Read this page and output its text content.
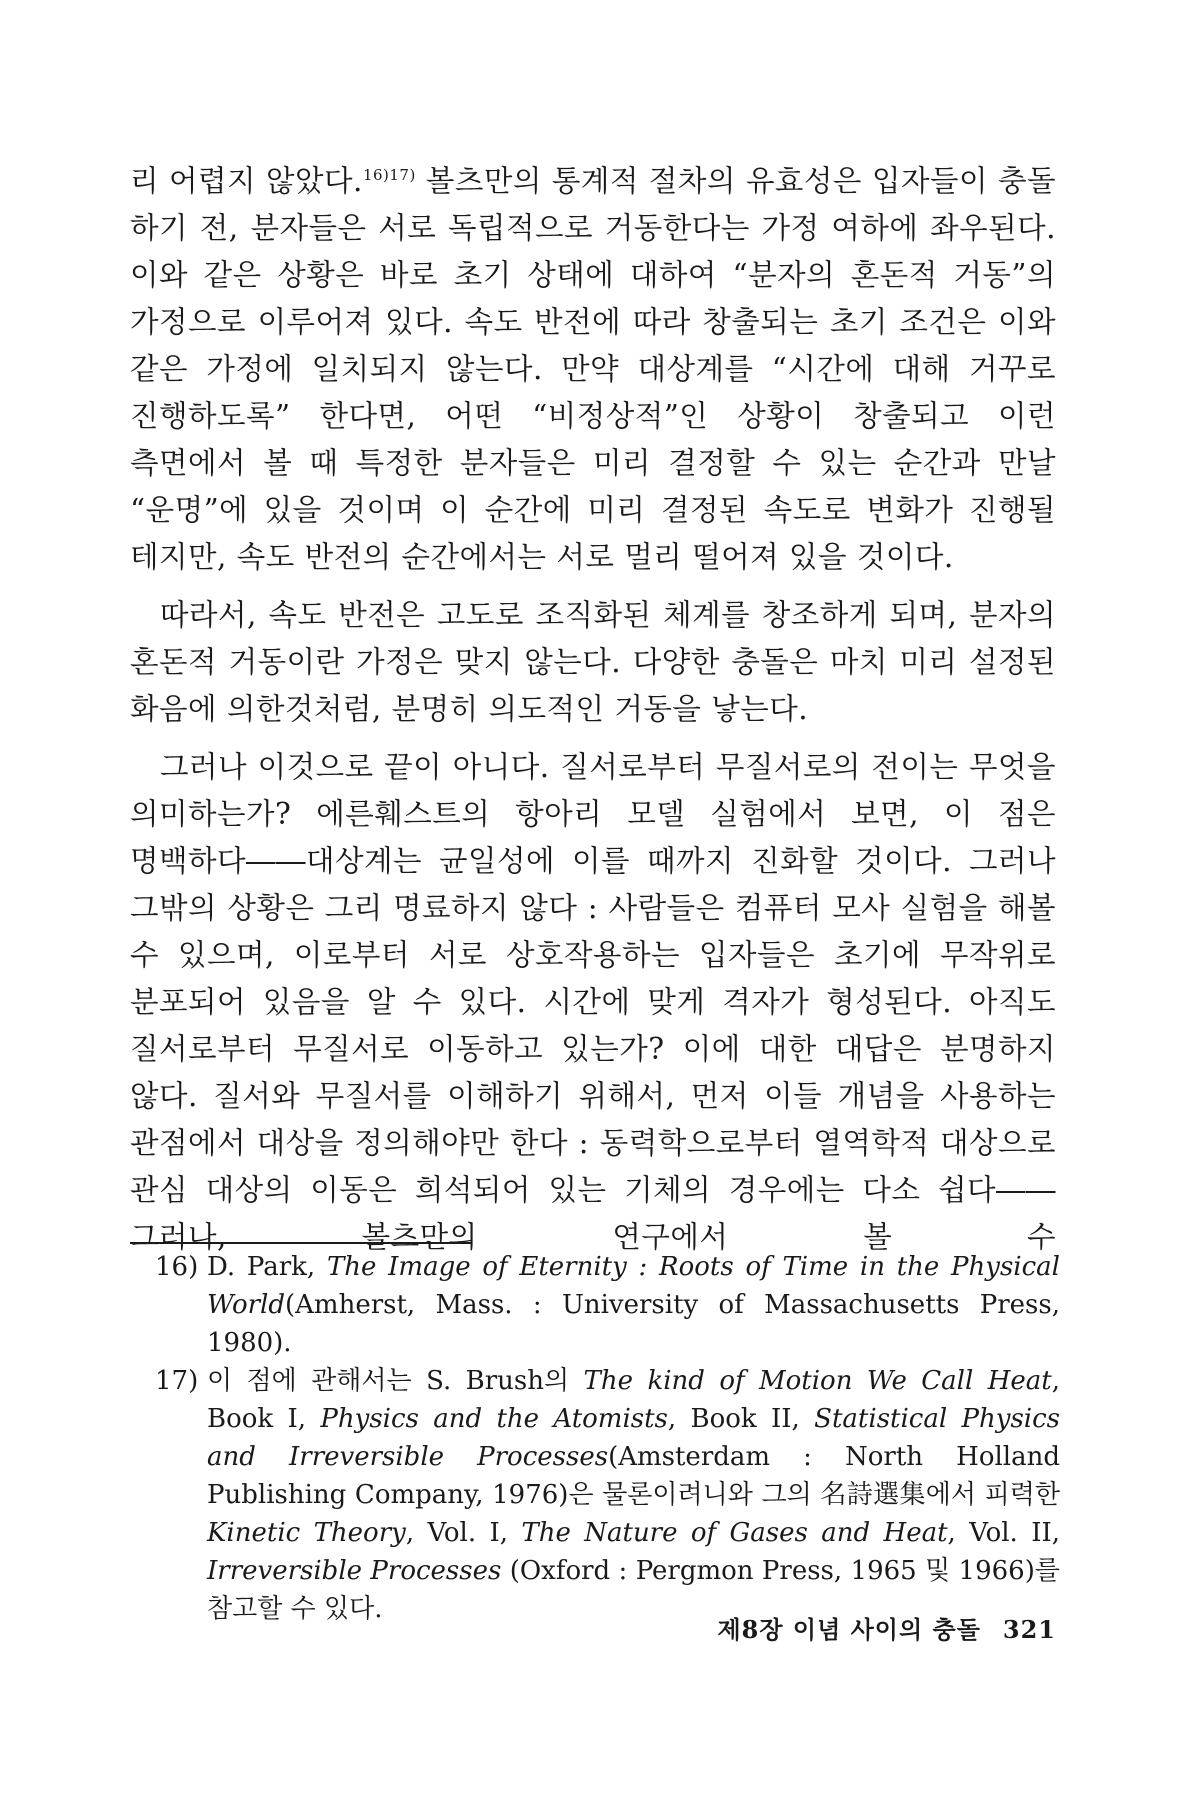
리 어렵지 않았다.$^{16)17)}$ 볼츠만의 통계적 절차의 유효성은 입자들이 충돌 하기 전, 분자들은 서로 독립적으로 거동한다는 가정 여하에 좌우된다. 이와 같은 상황은 바로 초기 상태에 대하여 “분자의 혼돈적 거동”의 가정으로 이루어져 있다. 속도 반전에 따라 창출되는 초기 조건은 이와 같은 가정에 일치되지 않는다. 만약 대상계를 “시간에 대해 거꾸로 진행하도록” 한다면, 어떤 “비정상적”인 상황이 창출되고 이런 측면에서 볼 때 특정한 분자들은 미리 결정할 수 있는 순간과 만날 “운명”에 있을 것이며 이 순간에 미리 결정된 속도로 변화가 진행될 테지만, 속도 반전의 순간에서는 서로 멀리 떨어져 있을 것이다.

따라서, 속도 반전은 고도로 조직화된 체계를 창조하게 되며, 분자의 혼돈적 거동이란 가정은 맞지 않는다. 다양한 충돌은 마치 미리 설정된 화음에 의한것처럼, 분명히 의도적인 거동을 낳는다.

그러나 이것으로 끝이 아니다. 질서로부터 무질서로의 전이는 무엇을 의미하는가? 에른훼스트의 항아리 모델 실험에서 보면, 이 점은 명백하다――대상계는 균일성에 이를 때까지 진화할 것이다. 그러나 그밖의 상황은 그리 명료하지 않다 : 사람들은 컴퓨터 모사 실험을 해볼 수 있으며, 이로부터 서로 상호작용하는 입자들은 초기에 무작위로 분포되어 있음을 알 수 있다. 시간에 맞게 격자가 형성된다. 아직도 질서로부터 무질서로 이동하고 있는가? 이에 대한 대답은 분명하지 않다. 질서와 무질서를 이해하기 위해서, 먼저 이들 개념을 사용하는 관점에서 대상을 정의해야만 한다 : 동력학으로부터 열역학적 대상으로 관심 대상의 이동은 희석되어 있는 기체의 경우에는 다소 쉽다――그러나, 볼츠만의 연구에서 볼 수

16) D. Park, The Image of Eternity : Roots of Time in the Physical World(Amherst, Mass. : University of Massachusetts Press, 1980).
17) 이 점에 관해서는 S. Brush의 The kind of Motion We Call Heat, Book I, Physics and the Atomists, Book II, Statistical Physics and Irreversible Processes(Amsterdam : North Holland Publishing Company, 1976)은 물론이려니와 그의 名詩選集에서 피력한 Kinetic Theory, Vol. I, The Nature of Gases and Heat, Vol. II, Irreversible Processes (Oxford : Pergmon Press, 1965 및 1966)를 참고할 수 있다.
제8장 이념 사이의 충돌 321
